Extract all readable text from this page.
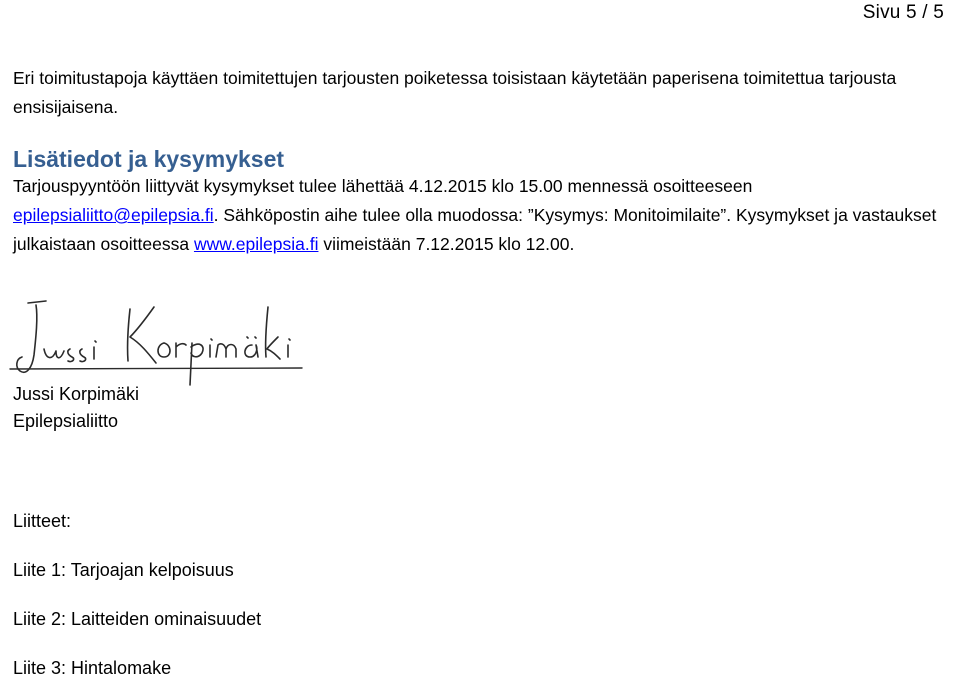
Sivu 5 / 5
Eri toimitustapoja käyttäen toimitettujen tarjousten poiketessa toisistaan käytetään paperisena toimitettua tarjousta ensisijaisena.
Lisätiedot ja kysymykset
Tarjouspyyntöön liittyvät kysymykset tulee lähettää 4.12.2015 klo 15.00 mennessä osoitteeseen epilepsialiitto@epilepsia.fi. Sähköpostin aihe tulee olla muodossa: ”Kysymys: Monitoimilaite”. Kysymykset ja vastaukset julkaistaan osoitteessa www.epilepsia.fi viimeistään 7.12.2015 klo 12.00.
Jussi Korpimäki
Epilepsialiitto
Liitteet:
Liite 1: Tarjoajan kelpoisuus
Liite 2: Laitteiden ominaisuudet
Liite 3: Hintalomake
